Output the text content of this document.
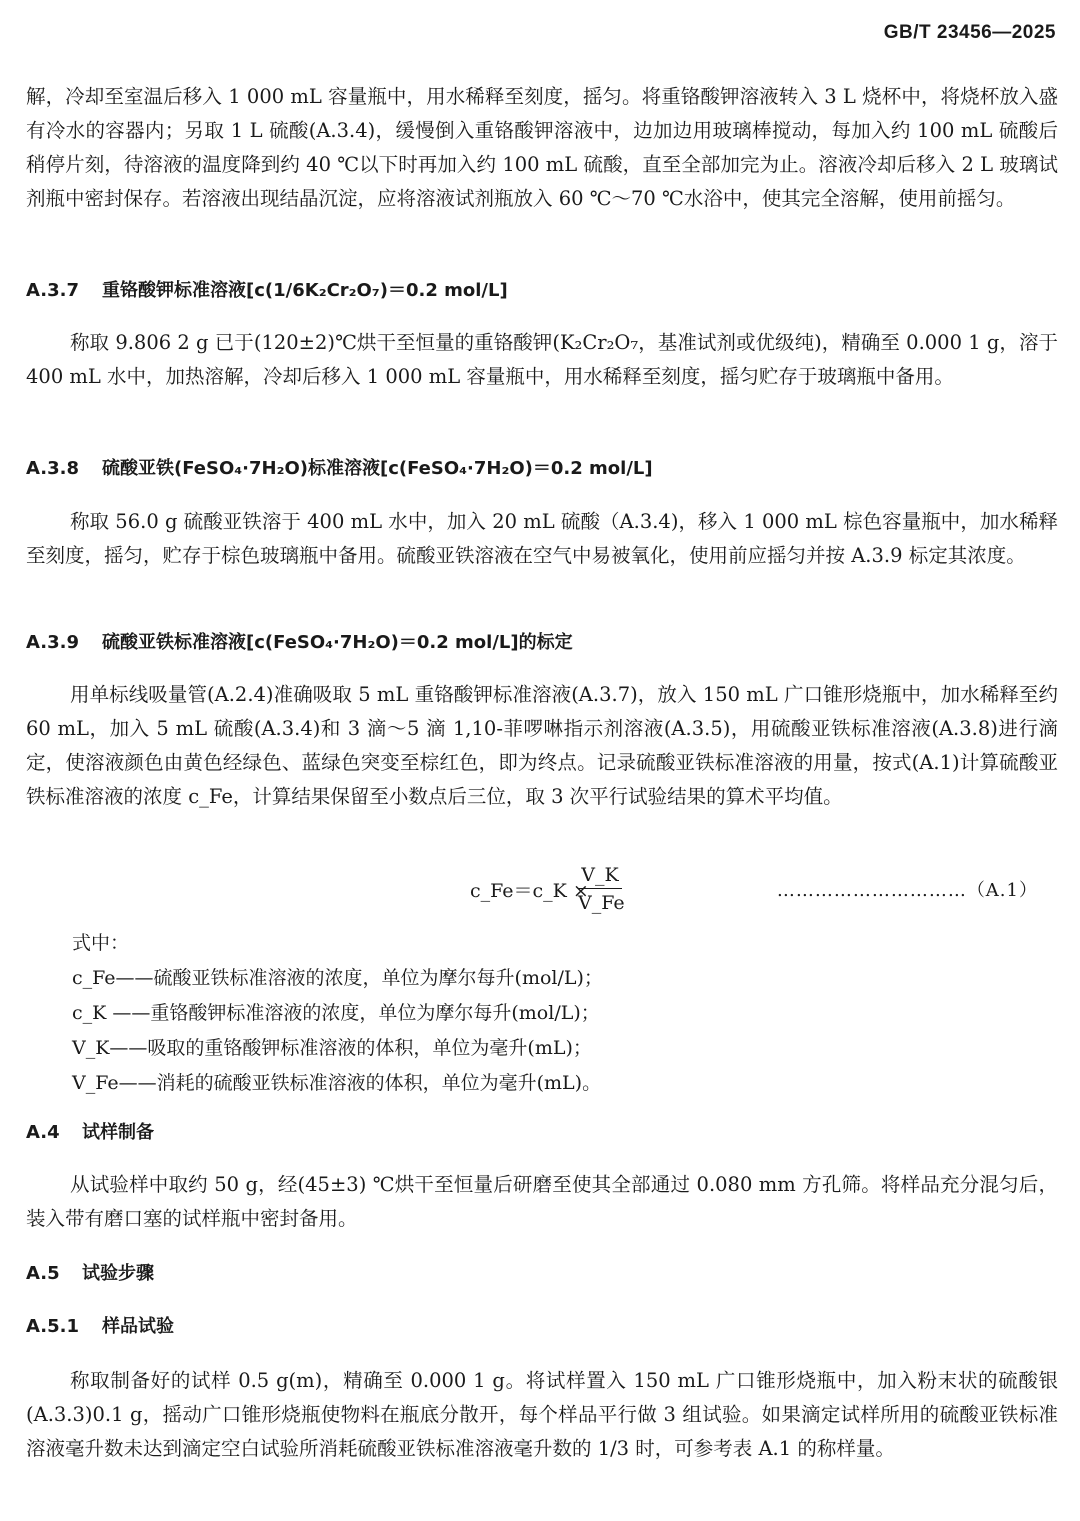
GB/T 23456—2025

解，冷却至室温后移入 1 000 mL 容量瓶中，用水稀释至刻度，摇匀。将重铬酸钾溶液转入 3 L 烧杯中，将烧杯放入盛有冷水的容器内；另取 1 L 硫酸(A.3.4)，缓慢倒入重铬酸钾溶液中，边加边用玻璃棒搅动，每加入约 100 mL 硫酸后稍停片刻，待溶液的温度降到约 40 ℃以下时再加入约 100 mL 硫酸，直至全部加完为止。溶液冷却后移入 2 L 玻璃试剂瓶中密封保存。若溶液出现结晶沉淀，应将溶液试剂瓶放入 60 ℃～70 ℃水浴中，使其完全溶解，使用前摇匀。

A.3.7 重铬酸钾标准溶液[c(1/6K₂Cr₂O₇)＝0.2 mol/L]

称取 9.806 2 g 已于(120±2)℃烘干至恒量的重铬酸钾(K₂Cr₂O₇，基准试剂或优级纯)，精确至 0.000 1 g，溶于 400 mL 水中，加热溶解，冷却后移入 1 000 mL 容量瓶中，用水稀释至刻度，摇匀贮存于玻璃瓶中备用。

A.3.8 硫酸亚铁(FeSO₄·7H₂O)标准溶液[c(FeSO₄·7H₂O)＝0.2 mol/L]

称取 56.0 g 硫酸亚铁溶于 400 mL 水中，加入 20 mL 硫酸（A.3.4)，移入 1 000 mL 棕色容量瓶中，加水稀释至刻度，摇匀，贮存于棕色玻璃瓶中备用。硫酸亚铁溶液在空气中易被氧化，使用前应摇匀并按 A.3.9 标定其浓度。

A.3.9 硫酸亚铁标准溶液[c(FeSO₄·7H₂O)＝0.2 mol/L]的标定

用单标线吸量管(A.2.4)准确吸取 5 mL 重铬酸钾标准溶液(A.3.7)，放入 150 mL 广口锥形烧瓶中，加水稀释至约 60 mL，加入 5 mL 硫酸(A.3.4)和 3 滴～5 滴 1,10-菲啰啉指示剂溶液(A.3.5)，用硫酸亚铁标准溶液(A.3.8)进行滴定，使溶液颜色由黄色经绿色、蓝绿色突变至棕红色，即为终点。记录硫酸亚铁标准溶液的用量，按式(A.1)计算硫酸亚铁标准溶液的浓度 c_Fe，计算结果保留至小数点后三位，取 3 次平行试验结果的算术平均值。

c_Fe＝c_K ×
$\frac{V\_K}{V\_Fe}$	…………………………（A.1）

式中：

c_Fe——硫酸亚铁标准溶液的浓度，单位为摩尔每升(mol/L)；

c_K ——重铬酸钾标准溶液的浓度，单位为摩尔每升(mol/L)；

V_K——吸取的重铬酸钾标准溶液的体积，单位为毫升(mL)；

V_Fe——消耗的硫酸亚铁标准溶液的体积，单位为毫升(mL)。

A.4 试样制备

从试验样中取约 50 g，经(45±3) ℃烘干至恒量后研磨至使其全部通过 0.080 mm 方孔筛。将样品充分混匀后，装入带有磨口塞的试样瓶中密封备用。

A.5 试验步骤

A.5.1 样品试验

称取制备好的试样 0.5 g(m)，精确至 0.000 1 g。将试样置入 150 mL 广口锥形烧瓶中，加入粉末状的硫酸银(A.3.3)0.1 g，摇动广口锥形烧瓶使物料在瓶底分散开，每个样品平行做 3 组试验。如果滴定试样所用的硫酸亚铁标准溶液毫升数未达到滴定空白试验所消耗硫酸亚铁标准溶液毫升数的 1/3 时，可参考表 A.1 的称样量。
